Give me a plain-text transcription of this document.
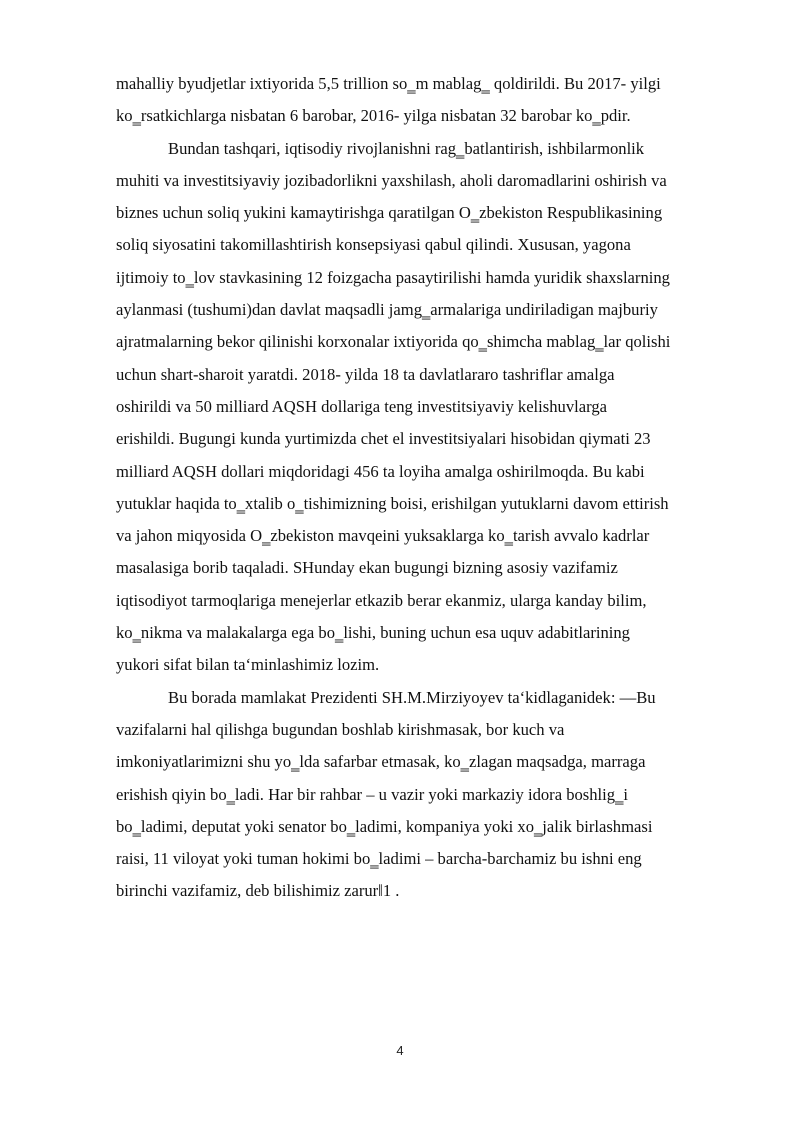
mahalliy byudjetlar ixtiyorida 5,5 trillion so‗m mablag‗ qoldirildi. Bu 2017- yilgi
ko‗rsatkichlarga nisbatan 6 barobar, 2016- yilga nisbatan 32 barobar ko‗pdir.
Bundan tashqari, iqtisodiy rivojlanishni rag‗batlantirish, ishbilarmonlik
muhiti va investitsiyaviy jozibadorlikni yaxshilash, aholi daromadlarini oshirish va
biznes uchun soliq yukini kamaytirishga qaratilgan O‗zbekiston Respublikasining
soliq siyosatini takomillashtirish konsepsiyasi qabul qilindi. Xususan, yagona
ijtimoiy to‗lov stavkasining 12 foizgacha pasaytirilishi hamda yuridik shaxslarning
aylanmasi (tushumi)dan davlat maqsadli jamg‗armalariga undiriladigan majburiy
ajratmalarning bekor qilinishi korxonalar ixtiyorida qo‗shimcha mablag‗lar qolishi
uchun shart-sharoit yaratdi. 2018- yilda 18 ta davlatlararo tashriflar amalga
oshirildi va 50 milliard AQSH dollariga teng investitsiyaviy kelishuvlarga
erishildi. Bugungi kunda yurtimizda chet el investitsiyalari hisobidan qiymati 23
milliard AQSH dollari miqdoridagi 456 ta loyiha amalga oshirilmoqda. Bu kabi
yutuklar haqida to‗xtalib o‗tishimizning boisi, erishilgan yutuklarni davom ettirish
va jahon miqyosida O‗zbekiston mavqeini yuksaklarga ko‗tarish avvalo kadrlar
masalasiga borib taqaladi. SHunday ekan bugungi bizning asosiy vazifamiz
iqtisodiyot tarmoqlariga menejerlar etkazib berar ekanmiz, ularga kanday bilim,
ko‗nikma va malakalarga ega bo‗lishi, buning uchun esa uquv adabitlarining
yukori sifat bilan ta‘minlashimiz lozim.
Bu borada mamlakat Prezidenti SH.M.Mirziyoyev ta‘kidlaganidek: ―Bu
vazifalarni hal qilishga bugundan boshlab kirishmasak, bor kuch va
imkoniyatlarimizni shu yo‗lda safarbar etmasak, ko‗zlagan maqsadga, marraga
erishish qiyin bo‗ladi. Har bir rahbar – u vazir yoki markaziy idora boshlig‗i
bo‗ladimi, deputat yoki senator bo‗ladimi, kompaniya yoki xo‗jalik birlashmasi
raisi, 11 viloyat yoki tuman hokimi bo‗ladimi – barcha-barchamiz bu ishni eng
birinchi vazifamiz, deb bilishimiz zarur‖1 .
4
